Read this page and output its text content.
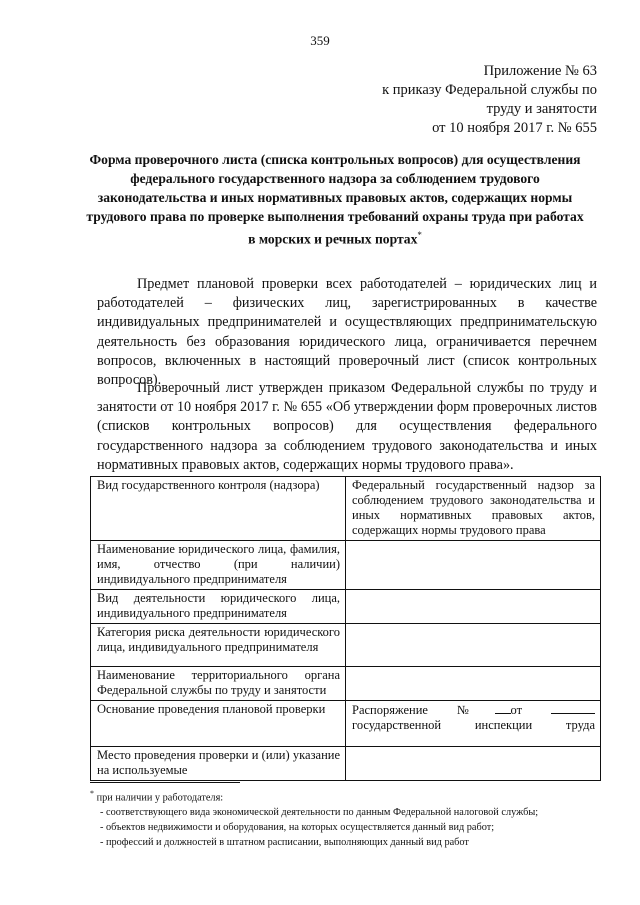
359
Приложение № 63
к приказу Федеральной службы по
труду и занятости
от 10 ноября 2017 г. № 655
Форма проверочного листа (списка контрольных вопросов) для осуществления федерального государственного надзора за соблюдением трудового законодательства и иных нормативных правовых актов, содержащих нормы трудового права по проверке выполнения требований охраны труда при работах в морских и речных портах*
Предмет плановой проверки всех работодателей – юридических лиц и работодателей – физических лиц, зарегистрированных в качестве индивидуальных предпринимателей и осуществляющих предпринимательскую деятельность без образования юридического лица, ограничивается перечнем вопросов, включенных в настоящий проверочный лист (список контрольных вопросов).
Проверочный лист утвержден приказом Федеральной службы по труду и занятости от 10 ноября 2017 г. № 655 «Об утверждении форм проверочных листов (списков контрольных вопросов) для осуществления федерального государственного надзора за соблюдением трудового законодательства и иных нормативных правовых актов, содержащих нормы трудового права».
Вид государственного контроля (надзора)	Федеральный государственный надзор за соблюдением трудового законодательства и иных нормативных правовых актов, содержащих нормы трудового права
Наименование юридического лица, фамилия, имя, отчество (при наличии) индивидуального предпринимателя	
Вид деятельности юридического лица, индивидуального предпринимателя	
Категория риска деятельности юридического лица, индивидуального предпринимателя	
Наименование территориального органа Федеральной службы по труду и занятости	
Основание проведения плановой проверки	Распоряжение № от  государственной инспекции труда
Место проведения проверки и (или) указание на используемые	
* при наличии у работодателя:
- соответствующего вида экономической деятельности по данным Федеральной налоговой службы;
- объектов недвижимости и оборудования, на которых осуществляется данный вид работ;
- профессий и должностей в штатном расписании, выполняющих данный вид работ
